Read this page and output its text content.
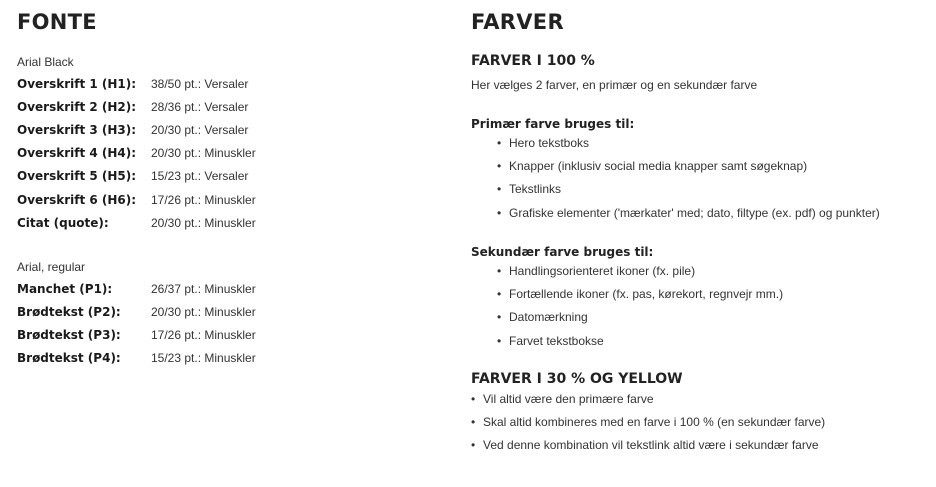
FONTE
Arial Black
Overskrift 1 (H1): 38/50 pt.: Versaler
Overskrift 2 (H2): 28/36 pt.: Versaler
Overskrift 3 (H3): 20/30 pt.: Versaler
Overskrift 4 (H4): 20/30 pt.: Minuskler
Overskrift 5 (H5): 15/23 pt.: Versaler
Overskrift 6 (H6): 17/26 pt.: Minuskler
Citat (quote):	20/30 pt.: Minuskler
Arial, regular
Manchet (P1):	26/37 pt.: Minuskler
Brødtekst (P2):	20/30 pt.: Minuskler
Brødtekst (P3):	17/26 pt.: Minuskler
Brødtekst (P4):	15/23 pt.: Minuskler
FARVER
FARVER I 100 %
Her vælges 2 farver, en primær og en sekundær farve
Primær farve bruges til:
• Hero tekstboks
• Knapper (inklusiv social media knapper samt søgeknap)
• Tekstlinks
• Grafiske elementer ('mærkater' med; dato, filtype (ex. pdf) og punkter)
Sekundær farve bruges til:
• Handlingsorienteret ikoner (fx. pile)
• Fortællende ikoner (fx. pas, kørekort, regnvejr mm.)
• Datomærkning
• Farvet tekstbokse
FARVER I 30 % OG YELLOW
• Vil altid være den primære farve
• Skal altid kombineres med en farve i 100 % (en sekundær farve)
• Ved denne kombination vil tekstlink altid være i sekundær farve
